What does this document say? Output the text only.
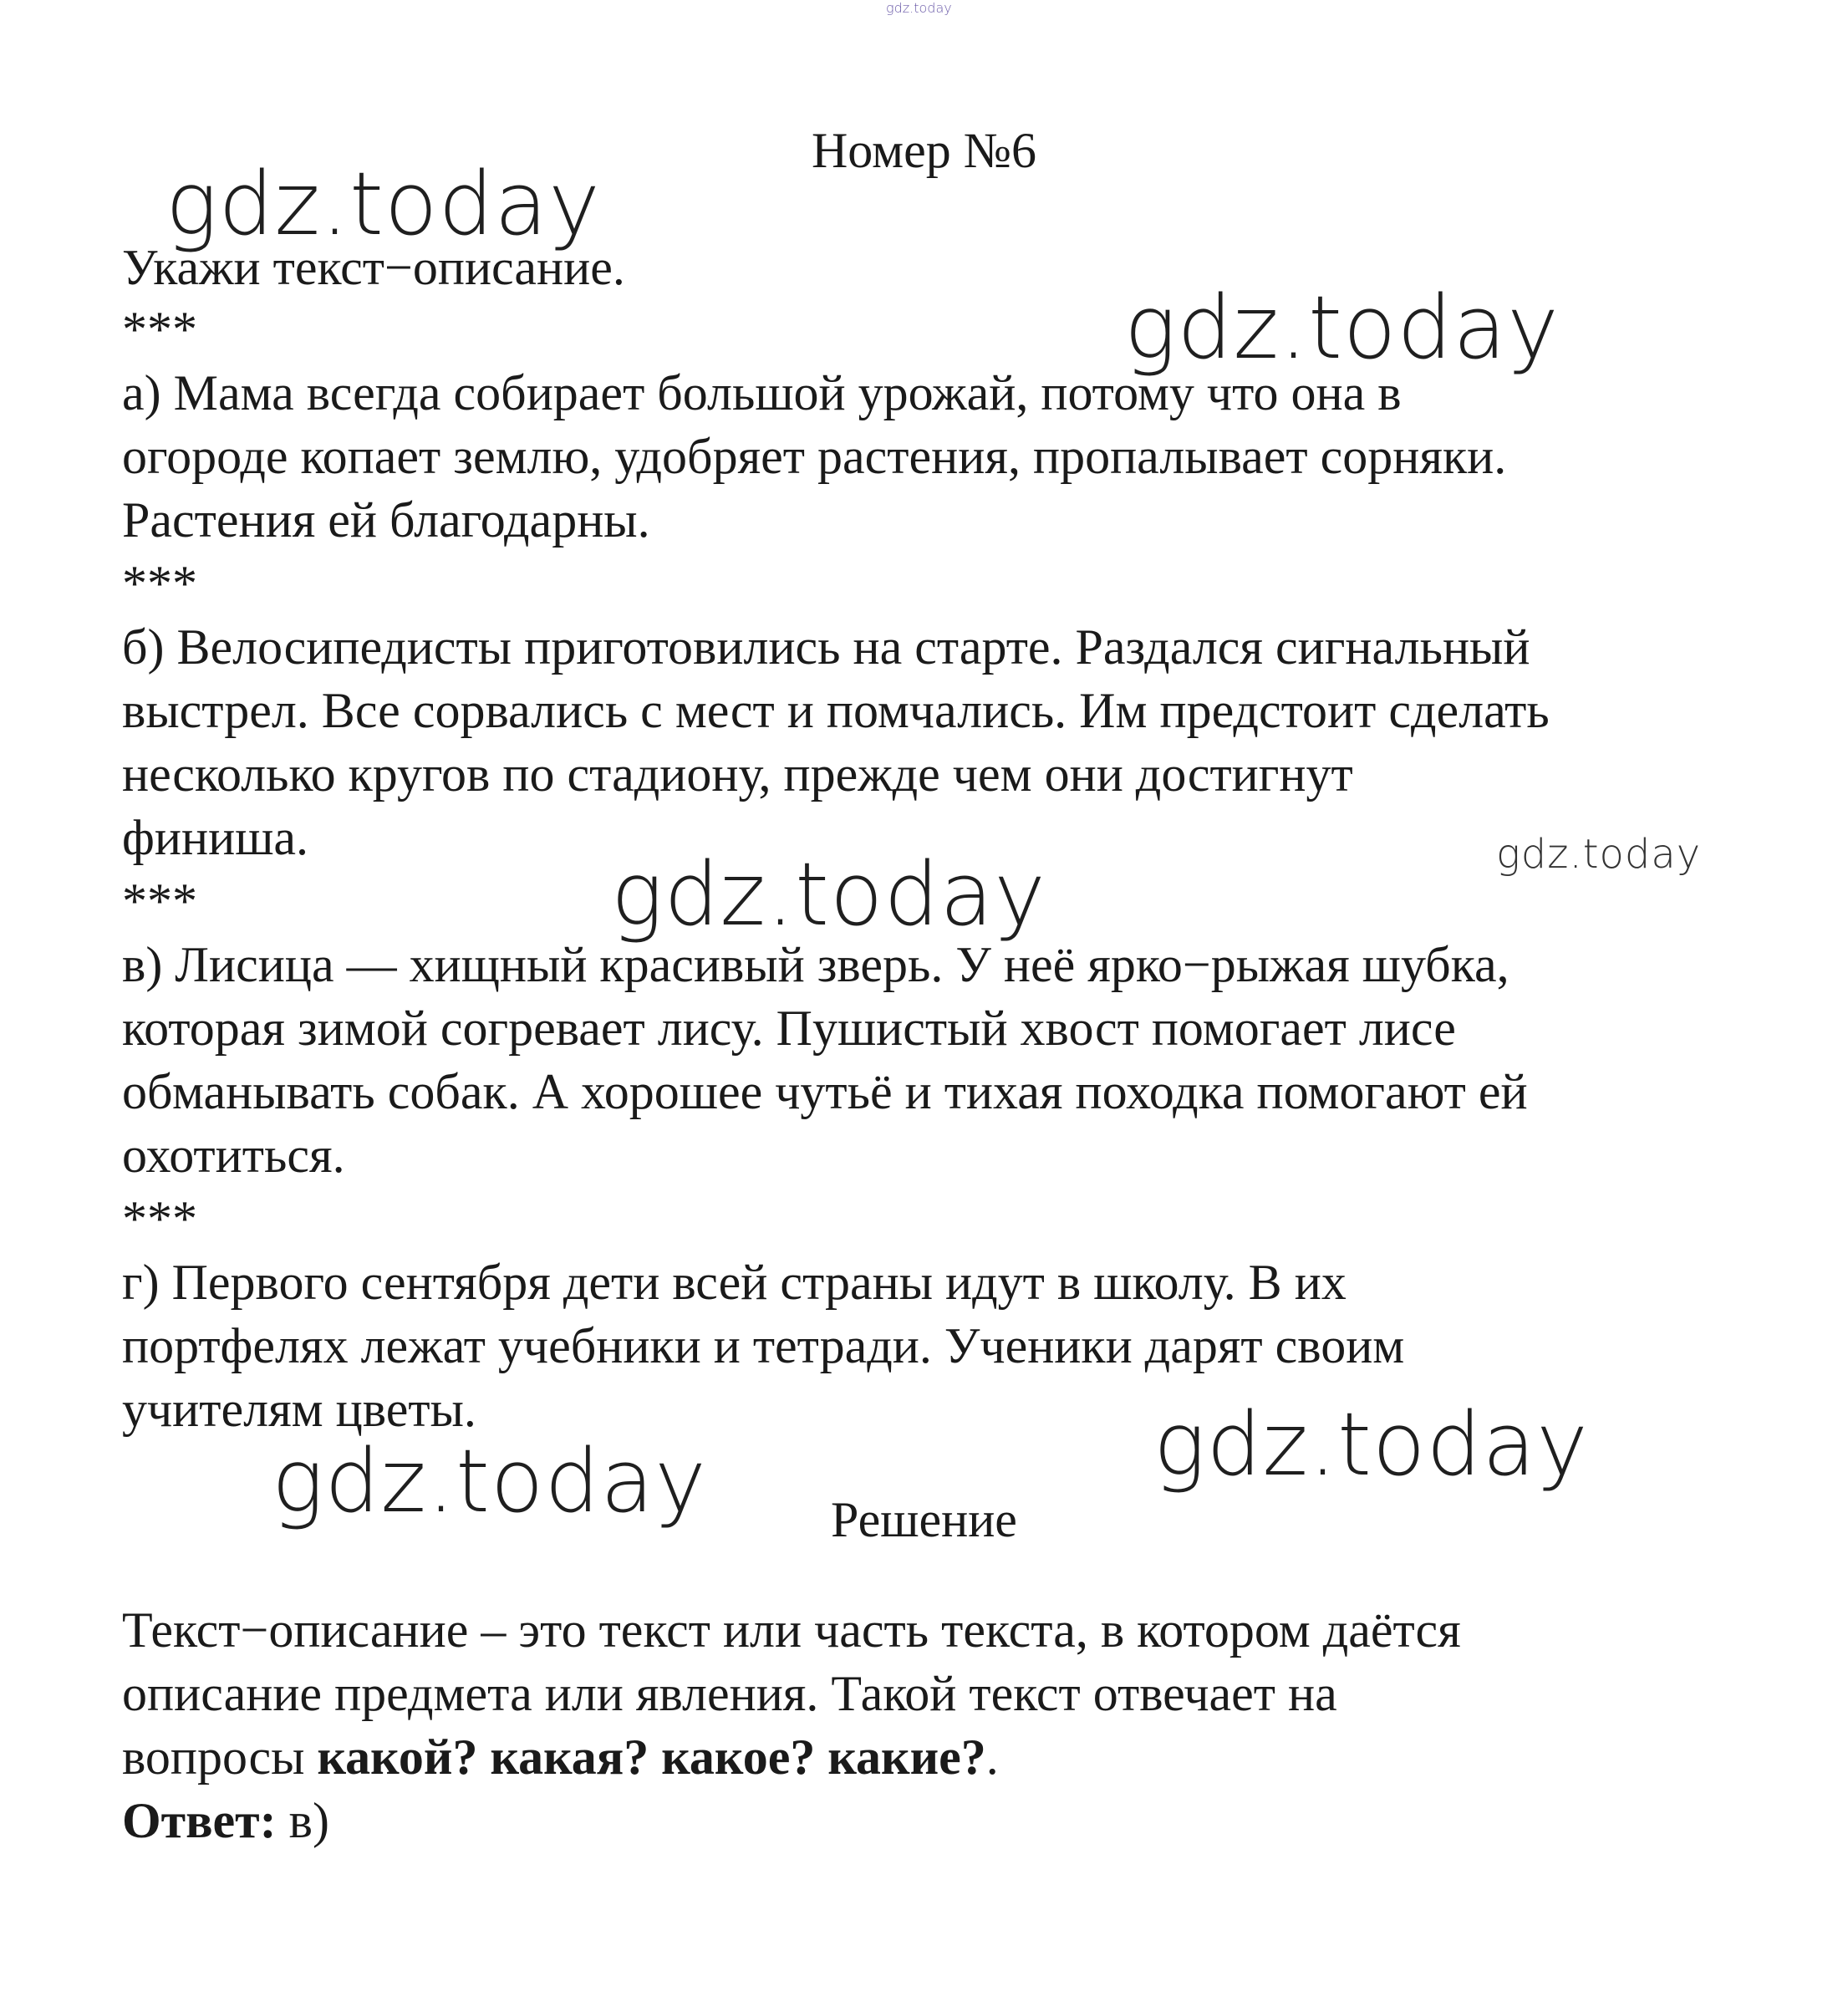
gdz.today
gdz.today
gdz.today
gdz.today
gdz.today
gdz.today
gdz.today
Номер №6
Укажи текст−описание.
***

а) Мама всегда собирает большой урожай, потому что она в
огороде копает землю, удобряет растения, пропалывает сорняки.
Растения ей благодарны.

***

б) Велосипедисты приготовились на старте. Раздался сигнальный
выстрел. Все сорвались с мест и помчались. Им предстоит сделать
несколько кругов по стадиону, прежде чем они достигнут
финиша.

***

в) Лисица — хищный красивый зверь. У неё ярко−рыжая шубка,
которая зимой согревает лису. Пушистый хвост помогает лисе
обманывать собак. А хорошее чутьё и тихая походка помогают ей
охотиться.

***

г) Первого сентября дети всей страны идут в школу. В их
портфелях лежат учебники и тетради. Ученики дарят своим
учителям цветы.

Решение
Текст−описание – это текст или часть текста, в котором даётся
описание предмета или явления. Такой текст отвечает на
вопросы какой? какая? какое? какие?.
Ответ: в)
